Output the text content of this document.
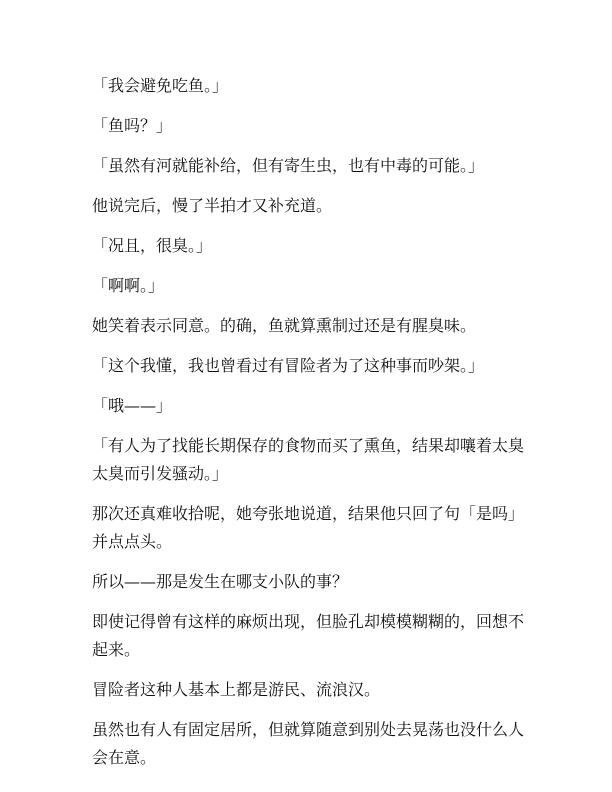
「我会避免吃鱼。」

「鱼吗？」

「虽然有河就能补给，但有寄生虫，也有中毒的可能。」

他说完后，慢了半拍才又补充道。

「况且，很臭。」

「啊啊。」

她笑着表示同意。的确，鱼就算熏制过还是有腥臭味。

「这个我懂，我也曾看过有冒险者为了这种事而吵架。」

「哦——」

「有人为了找能长期保存的食物而买了熏鱼，结果却嚷着太臭太臭而引发骚动。」

那次还真难收拾呢，她夸张地说道，结果他只回了句「是吗」并点点头。

所以——那是发生在哪支小队的事？

即使记得曾有这样的麻烦出现，但脸孔却模模糊糊的，回想不起来。

冒险者这种人基本上都是游民、流浪汉。

虽然也有人有固定居所，但就算随意到别处去晃荡也没什么人会在意。
